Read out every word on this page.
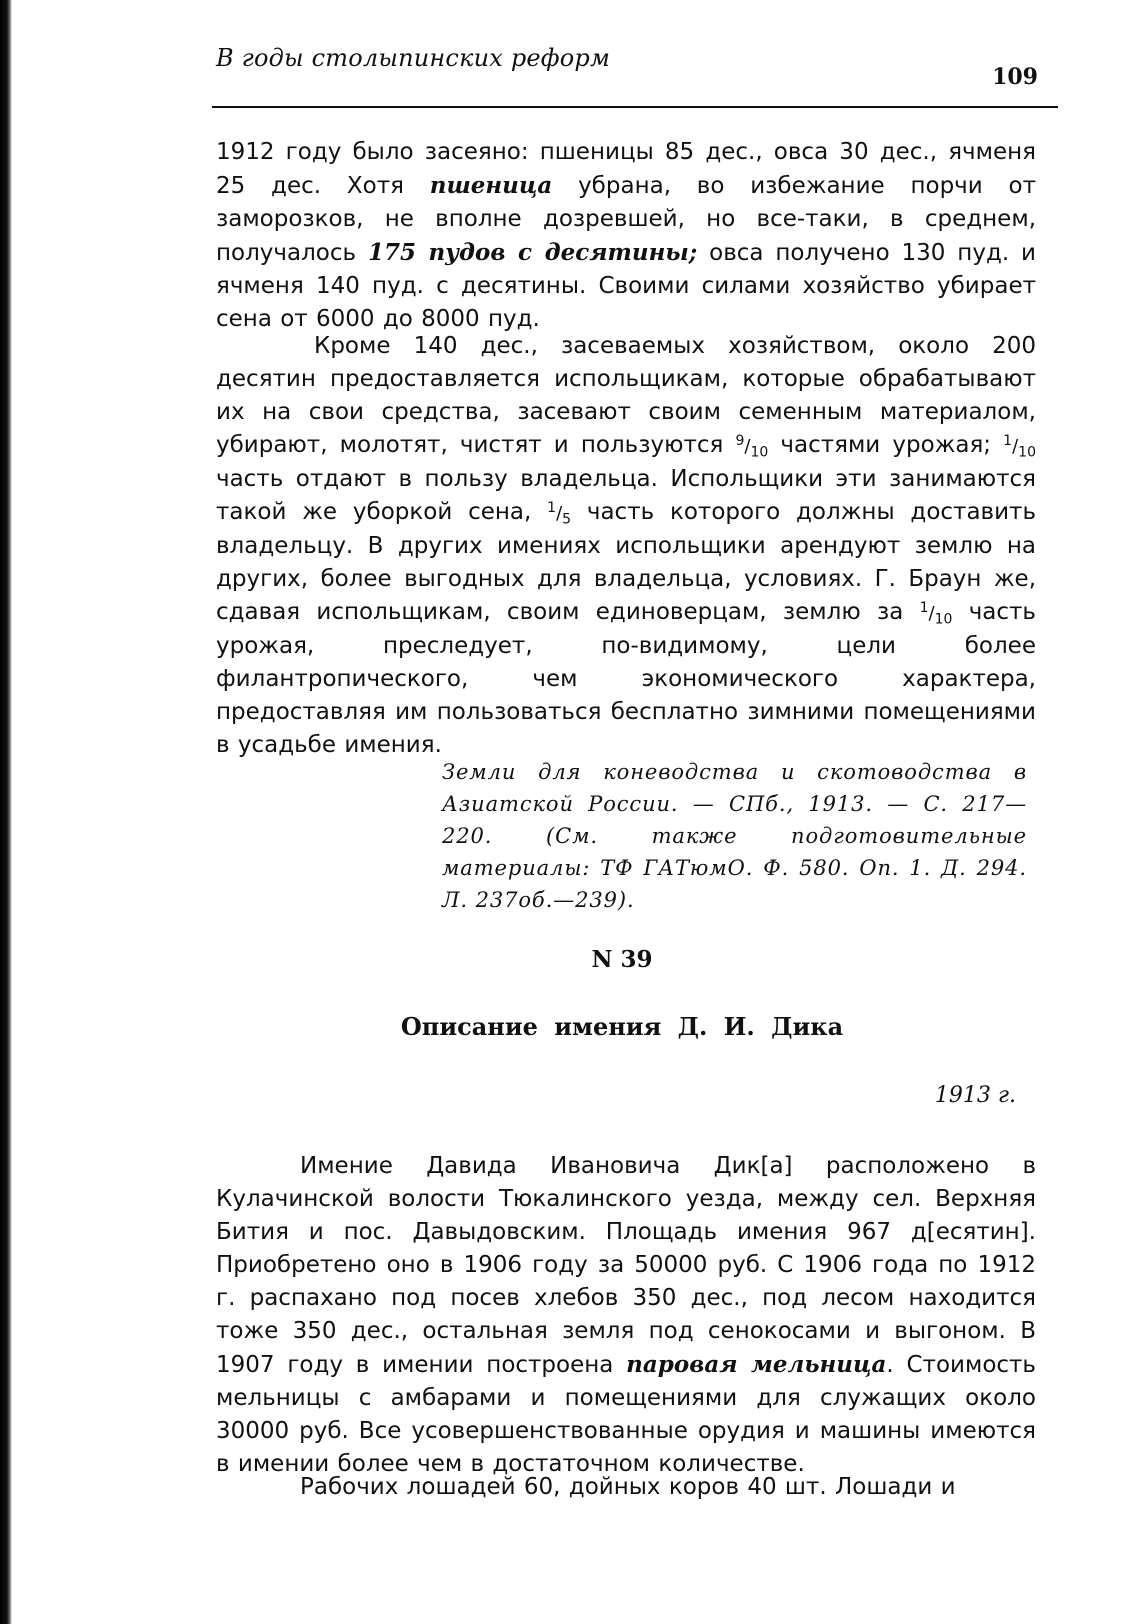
В годы столыпинских реформ
109

1912 году было засеяно: пшеницы 85 дес., овса 30 дес., ячменя 25 дес. Хотя пшеница убрана, во избежание порчи от заморозков, не вполне дозревшей, но все-таки, в среднем, получалось 175 пудов с десятины; овса получено 130 пуд. и ячменя 140 пуд. с десятины. Своими силами хозяйство убирает сена от 6000 до 8000 пуд.

Кроме 140 дес., засеваемых хозяйством, около 200 десятин предоставляется испольщикам, которые обрабатывают их на свои средства, засевают своим семенным материалом, убирают, молотят, чистят и пользуются $^9/_{10}$ частями урожая; $^1/_{10}$ часть отдают в пользу владельца. Испольщики эти занимаются такой же уборкой сена, $^1/_5$ часть которого должны доставить владельцу. В других имениях испольщики арендуют землю на других, более выгодных для владельца, условиях. Г. Браун же, сдавая испольщикам, своим единоверцам, землю за $^1/_{10}$ часть урожая, преследует, по-видимому, цели более филантропического, чем экономического характера, предоставляя им пользоваться бесплатно зимними помещениями в усадьбе имения.

Земли для коневодства и скотоводства в Азиатской России. — СПб., 1913. — С. 217—220. (См. также подготовительные материалы: ТФ ГАТюмО. Ф. 580. Оп. 1. Д. 294. Л. 237об.—239).

N 39
Описание имения Д. И. Дика
1913 г.

Имение Давида Ивановича Дик[а] расположено в Кулачинской волости Тюкалинского уезда, между сел. Верхняя Бития и пос. Давыдовским. Площадь имения 967 д[есятин]. Приобретено оно в 1906 году за 50000 руб. С 1906 года по 1912 г. распахано под посев хлебов 350 дес., под лесом находится тоже 350 дес., остальная земля под сенокосами и выгоном. В 1907 году в имении построена паровая мельница. Стоимость мельницы с амбарами и помещениями для служащих около 30000 руб. Все усовершенствованные орудия и машины имеются в имении более чем в достаточном количестве.

Рабочих лошадей 60, дойных коров 40 шт. Лошади и
